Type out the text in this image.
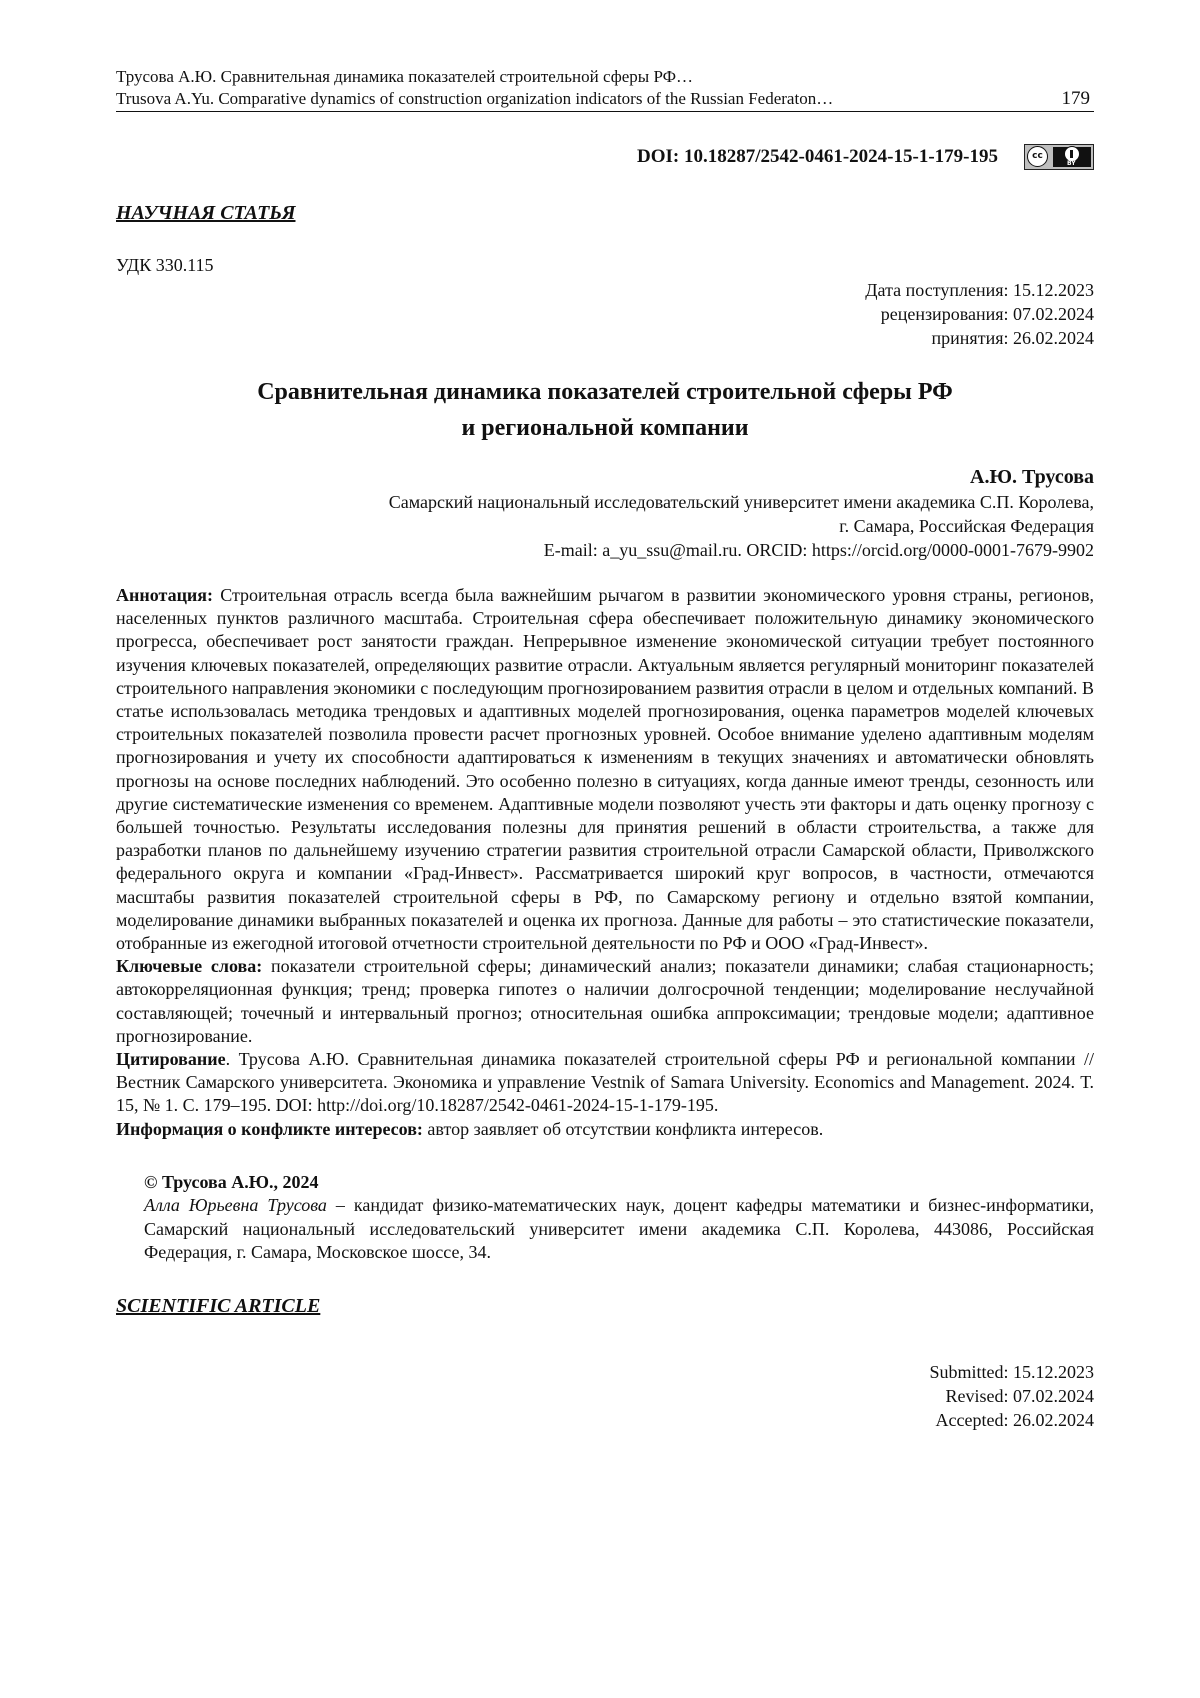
Трусова А.Ю. Сравнительная динамика показателей строительной сферы РФ…
Trusova A.Yu. Comparative dynamics of construction organization indicators of the Russian Federaton…	179
DOI: 10.18287/2542-0461-2024-15-1-179-195	cc
BY
НАУЧНАЯ СТАТЬЯ
УДК 330.115
Дата поступления: 15.12.2023
рецензирования: 07.02.2024
принятия: 26.02.2024
Сравнительная динамика показателей строительной сферы РФ
и региональной компании
А.Ю. Трусова
Самарский национальный исследовательский университет имени академика С.П. Королева,
г. Самара, Российская Федерация
E-mail: a_yu_ssu@mail.ru. ORCID: https://orcid.org/0000-0001-7679-9902

Аннотация: Строительная отрасль всегда была важнейшим рычагом в развитии экономического уровня страны, регионов, населенных пунктов различного масштаба. Строительная сфера обеспечивает положительную динамику экономического прогресса, обеспечивает рост занятости граждан. Непрерывное изменение экономической ситуации требует постоянного изучения ключевых показателей, определяющих развитие отрасли. Актуальным является регулярный мониторинг показателей строительного направления экономики с последующим прогнозированием развития отрасли в целом и отдельных компаний. В статье использовалась методика трендовых и адаптивных моделей прогнозирования, оценка параметров моделей ключевых строительных показателей позволила провести расчет прогнозных уровней. Особое внимание уделено адаптивным моделям прогнозирования и учету их способности адаптироваться к изменениям в текущих значениях и автоматически обновлять прогнозы на основе последних наблюдений. Это особенно полезно в ситуациях, когда данные имеют тренды, сезонность или другие систематические изменения со временем. Адаптивные модели позволяют учесть эти факторы и дать оценку прогнозу с большей точностью. Результаты исследования полезны для принятия решений в области строительства, а также для разработки планов по дальнейшему изучению стратегии развития строительной отрасли Самарской области, Приволжского федерального округа и компании «Град-Инвест». Рассматривается широкий круг вопросов, в частности, отмечаются масштабы развития показателей строительной сферы в РФ, по Самарскому региону и отдельно взятой компании, моделирование динамики выбранных показателей и оценка их прогноза. Данные для работы – это статистические показатели, отобранные из ежегодной итоговой отчетности строительной деятельности по РФ и ООО «Град-Инвест».

Ключевые слова: показатели строительной сферы; динамический анализ; показатели динамики; слабая стационарность; автокорреляционная функция; тренд; проверка гипотез о наличии долгосрочной тенденции; моделирование неслучайной составляющей; точечный и интервальный прогноз; относительная ошибка аппроксимации; трендовые модели; адаптивное прогнозирование.

Цитирование. Трусова А.Ю. Сравнительная динамика показателей строительной сферы РФ и региональной компании // Вестник Самарского университета. Экономика и управление Vestnik of Samara University. Economics and Management. 2024. Т. 15, № 1. С. 179–195. DOI: http://doi.org/10.18287/2542-0461-2024-15-1-179-195.

Информация о конфликте интересов: автор заявляет об отсутствии конфликта интересов.

© Трусова А.Ю., 2024
Алла Юрьевна Трусова – кандидат физико-математических наук, доцент кафедры математики и бизнес-информатики, Самарский национальный исследовательский университет имени академика С.П. Королева, 443086, Российская Федерация, г. Самара, Московское шоссе, 34.
SCIENTIFIC ARTICLE
Submitted: 15.12.2023
Revised: 07.02.2024
Accepted: 26.02.2024
